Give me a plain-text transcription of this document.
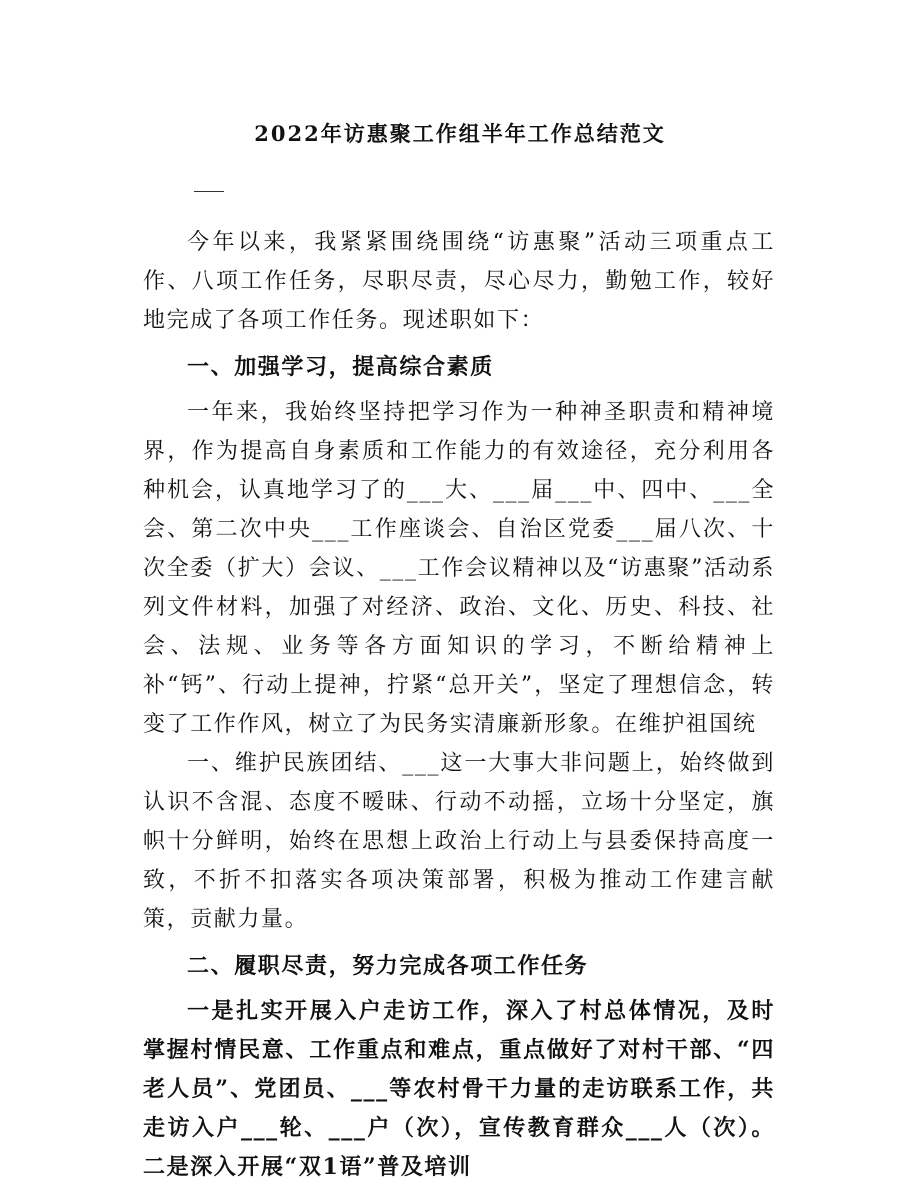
2022年访惠聚工作组半年工作总结范文

今年以来，我紧紧围绕围绕“访惠聚”活动三项重点工作、八项工作任务，尽职尽责，尽心尽力，勤勉工作，较好地完成了各项工作任务。现述职如下：

一、加强学习，提高综合素质

一年来，我始终坚持把学习作为一种神圣职责和精神境界，作为提高自身素质和工作能力的有效途径，充分利用各种机会，认真地学习了的___大、___届___中、四中、___全会、第二次中央___工作座谈会、自治区党委___届八次、十次全委（扩大）会议、___工作会议精神以及“访惠聚”活动系列文件材料，加强了对经济、政治、文化、历史、科技、社会、法规、业务等各方面知识的学习，不断给精神上补“钙”、行动上提神，拧紧“总开关”，坚定了理想信念，转变了工作作风，树立了为民务实清廉新形象。在维护祖国统

一、维护民族团结、___这一大事大非问题上，始终做到认识不含混、态度不暧昧、行动不动摇，立场十分坚定，旗帜十分鲜明，始终在思想上政治上行动上与县委保持高度一致，不折不扣落实各项决策部署，积极为推动工作建言献策，贡献力量。

二、履职尽责，努力完成各项工作任务

一是扎实开展入户走访工作，深入了村总体情况，及时掌握村情民意、工作重点和难点，重点做好了对村干部、“四老人员”、党团员、___等农村骨干力量的走访联系工作，共走访入户___轮、___户（次），宣传教育群众___人（次）。二是深入开展“双1语”普及培训
